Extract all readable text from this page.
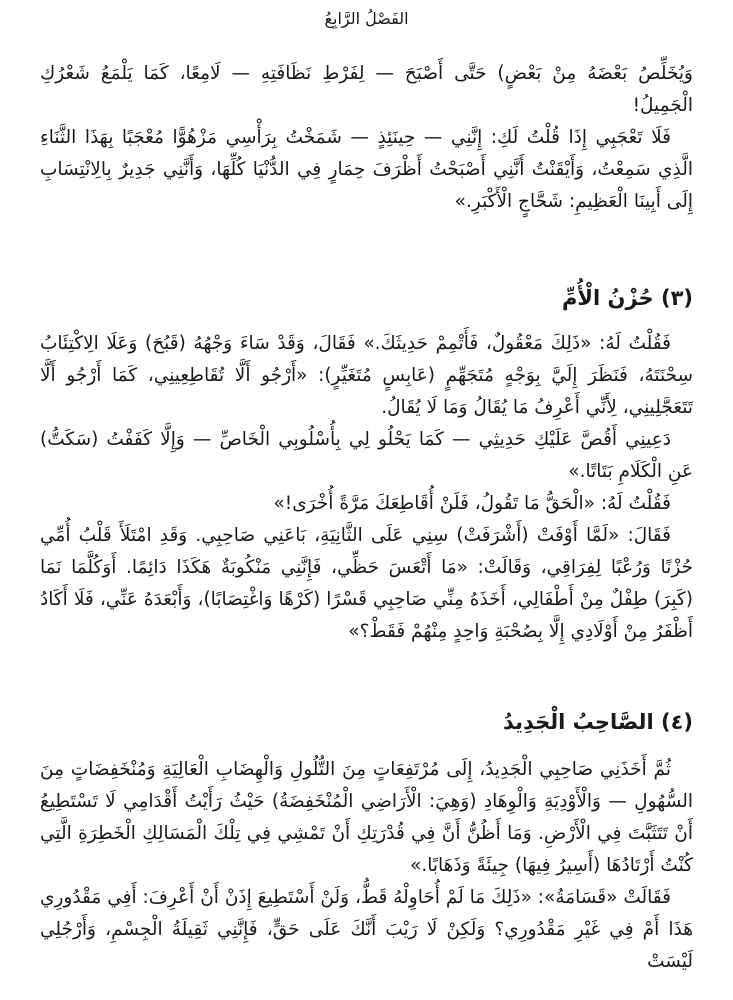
الفَصْلُ الرَّابِعُ

وَيُخَلِّصُ بَعْضَهُ مِنْ بَعْضٍ) حَتَّى أَصْبَحَ — لِفَرْطِ نَظَافَتِهِ — لَامِعًا، كَمَا يَلْمَعُ شَعْرُكِ الْجَمِيلُ!

فَلَا تَعْجَبِي إِذَا قُلْتُ لَكِ: إِنَّنِي — حِينَئِذٍ — شَمَخْتُ بِرَأْسِي مَزْهُوًّا مُعْجَبًا بِهَذَا الثَّنَاءِ الَّذِي سَمِعْتُ، وَأَيْقَنْتُ أَنَّنِي أَصْبَحْتُ أَظْرَفَ حِمَارٍ فِي الدُّنْيَا كُلِّهَا، وَأَنَّنِي جَدِيرٌ بِالِانْتِسَابِ إِلَى أَبِينَا الْعَظِيمِ: شَحَّاجٍ الْأَكْبَرِ.»

(٣) حُزْنُ الْأُمِّ

فَقُلْتُ لَهُ: «ذَلِكَ مَعْقُولٌ، فَأَتْمِمْ حَدِيثَكَ.» فَقَالَ، وَقَدْ سَاءَ وَجْهُهُ (قَبُحَ) وَعَلَا الِاكْتِئَابُ سِحْنَتَهُ، فَنَظَرَ إِلَيَّ بِوَجْهٍ مُتَجَهِّمٍ (عَابِسٍ مُتَغَيِّرٍ): «أَرْجُو أَلَّا تُقَاطِعِينِي، كَمَا أَرْجُو أَلَّا تَتَعَجَّلِينِي، لِأَنِّي أَعْرِفُ مَا يُقَالُ وَمَا لَا يُقَالُ.

دَعِينِي أَقُصَّ عَلَيْكِ حَدِيثِي — كَمَا يَحْلُو لِي بِأُسْلُوبِي الْخَاصِّ — وَإِلَّا كَفَفْتُ (سَكَتُّ) عَنِ الْكَلَامِ بَتَاتًا.»

فَقُلْتُ لَهُ: «الْحَقُّ مَا تَقُولُ، فَلَنْ أُقَاطِعَكَ مَرَّةً أُخْرَى!»

فَقَالَ: «لَمَّا أَوْفَتْ (أَشْرَفَتْ) سِنِي عَلَى الثَّانِيَةِ، بَاعَنِي صَاحِبِي. وَقَدِ امْتَلَأَ قَلْبُ أُمِّي حُزْنًا وَرُعْبًا لِفِرَاقِي، وَقَالَتْ: «مَا أَتْعَسَ حَظِّي، فَإِنَّنِي مَنْكُوبَةٌ هَكَذَا دَائِمًا. أَوَكُلَّمَا نَمَا (كَبِرَ) طِفْلٌ مِنْ أَطْفَالِي، أَخَذَهُ مِنِّي صَاحِبِي قَسْرًا (كَرْهًا وَاغْتِصَابًا)، وَأَبْعَدَهُ عَنِّي، فَلَا أَكَادُ أَظْفَرُ مِنْ أَوْلَادِي إِلَّا بِصُحْبَةِ وَاحِدٍ مِنْهُمْ فَقَطْ؟»

(٤) الصَّاحِبُ الْجَدِيدُ

ثُمَّ أَخَذَنِي صَاحِبِي الْجَدِيدُ، إِلَى مُرْتَفِعَاتٍ مِنَ التُّلُولِ وَالْهِضَابِ الْعَالِيَةِ وَمُنْخَفِضَاتٍ مِنَ السُّهُولِ — وَالْأَوْدِيَةِ وَالْوِهَادِ (وَهِيَ: الْأَرَاضِي الْمُنْخَفِضَةُ) حَيْثُ رَأَيْتُ أَقْدَامِي لَا تَسْتَطِيعُ أَنْ تَتَثَبَّتَ فِي الْأَرْضِ. وَمَا أَظُنُّ أَنَّ فِي قُدْرَتِكِ أَنْ تَمْشِي فِي تِلْكَ الْمَسَالِكِ الْخَطِرَةِ الَّتِي كُنْتُ أَرْتَادُهَا (أَسِيرُ فِيهَا) جِيئَةً وَذَهَابًا.»

فَقَالَتْ «قَسَامَةُ»: «ذَلِكَ مَا لَمْ أُحَاوِلْهُ قَطُّ، وَلَنْ أَسْتَطِيعَ إِذَنْ أَنْ أَعْرِفَ: أَفِي مَقْدُورِي هَذَا أَمْ فِي غَيْرِ مَقْدُورِي؟ وَلَكِنْ لَا رَيْبَ أَنَّكَ عَلَى حَقٍّ، فَإِنَّنِي ثَقِيلَةُ الْجِسْمِ، وَأَرْجُلِي لَيْسَتْ
